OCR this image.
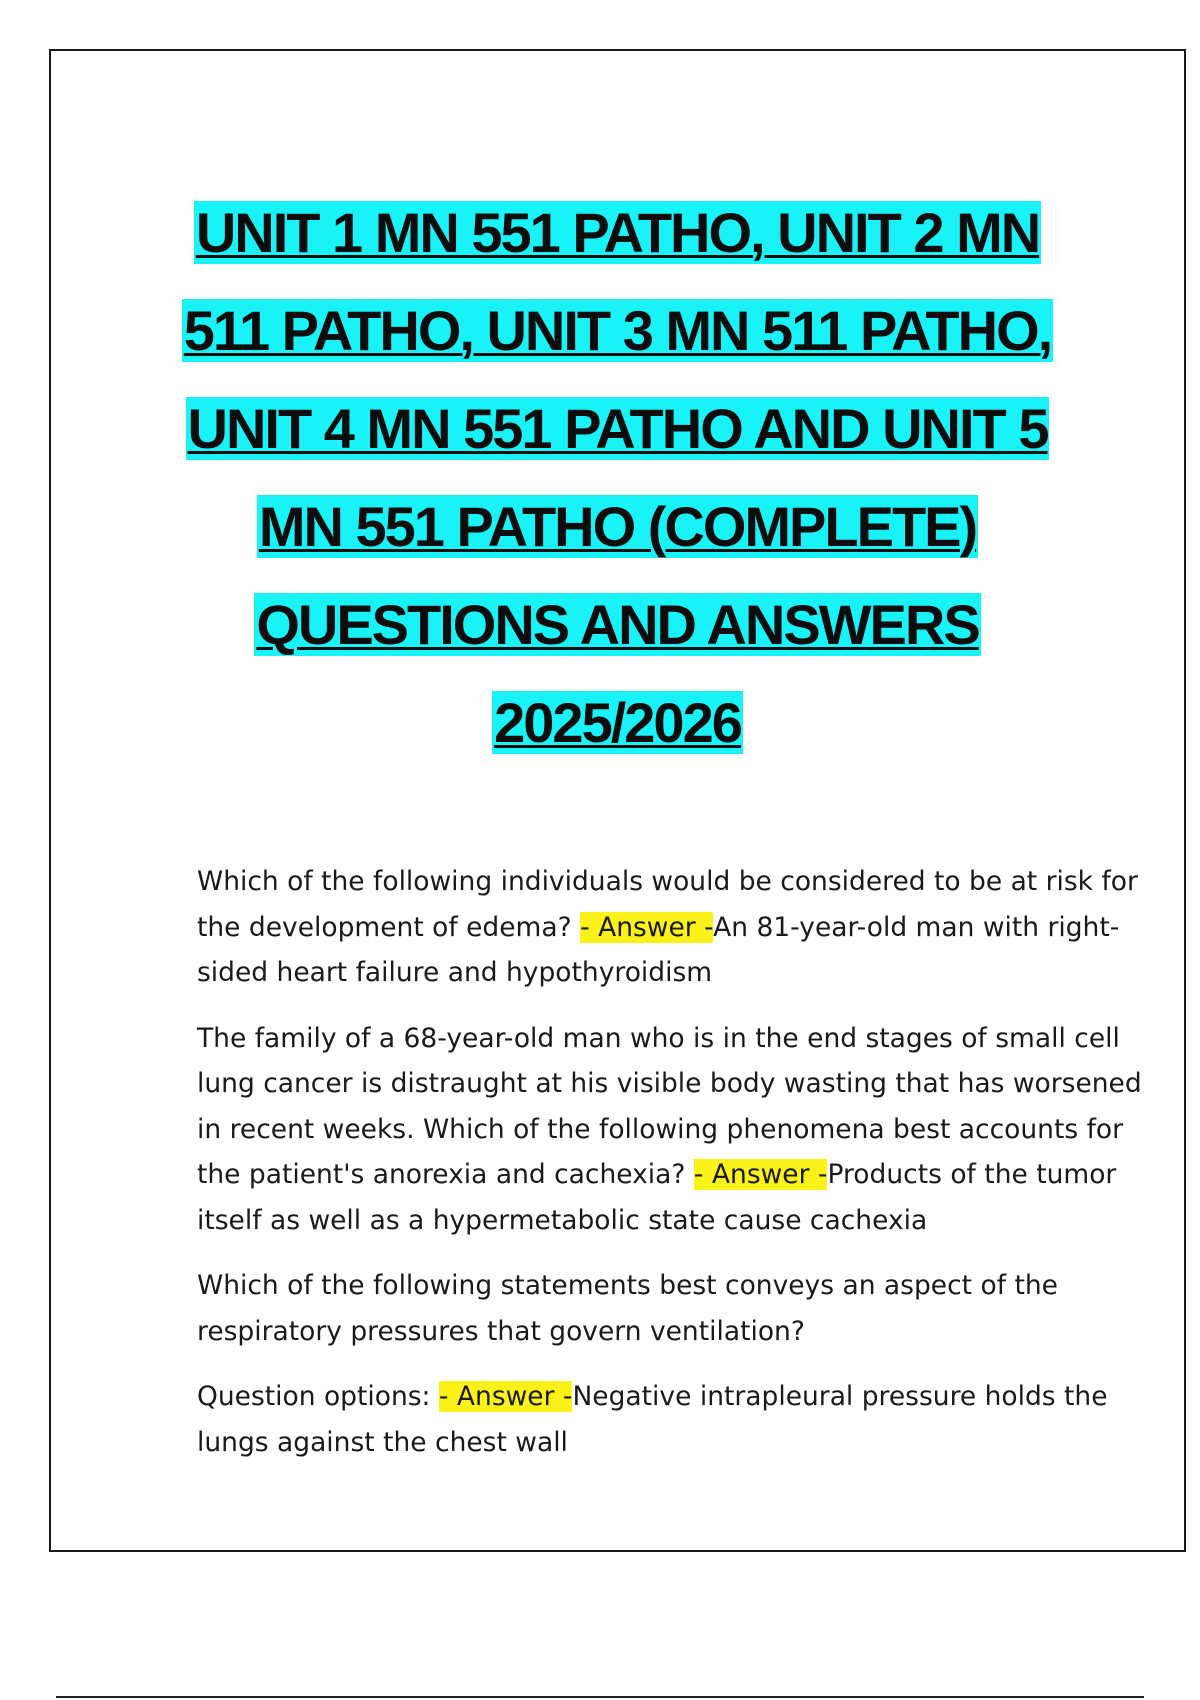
UNIT 1 MN 551 PATHO, UNIT 2 MN
511 PATHO, UNIT 3 MN 511 PATHO,
UNIT 4 MN 551 PATHO AND UNIT 5
MN 551 PATHO (COMPLETE)
QUESTIONS AND ANSWERS
2025/2026

Which of the following individuals would be considered to be at risk for the development of edema? - Answer -An 81-year-old man with right-sided heart failure and hypothyroidism

The family of a 68-year-old man who is in the end stages of small cell lung cancer is distraught at his visible body wasting that has worsened in recent weeks. Which of the following phenomena best accounts for the patient's anorexia and cachexia? - Answer -Products of the tumor itself as well as a hypermetabolic state cause cachexia

Which of the following statements best conveys an aspect of the respiratory pressures that govern ventilation?

Question options: - Answer -Negative intrapleural pressure holds the lungs against the chest wall
